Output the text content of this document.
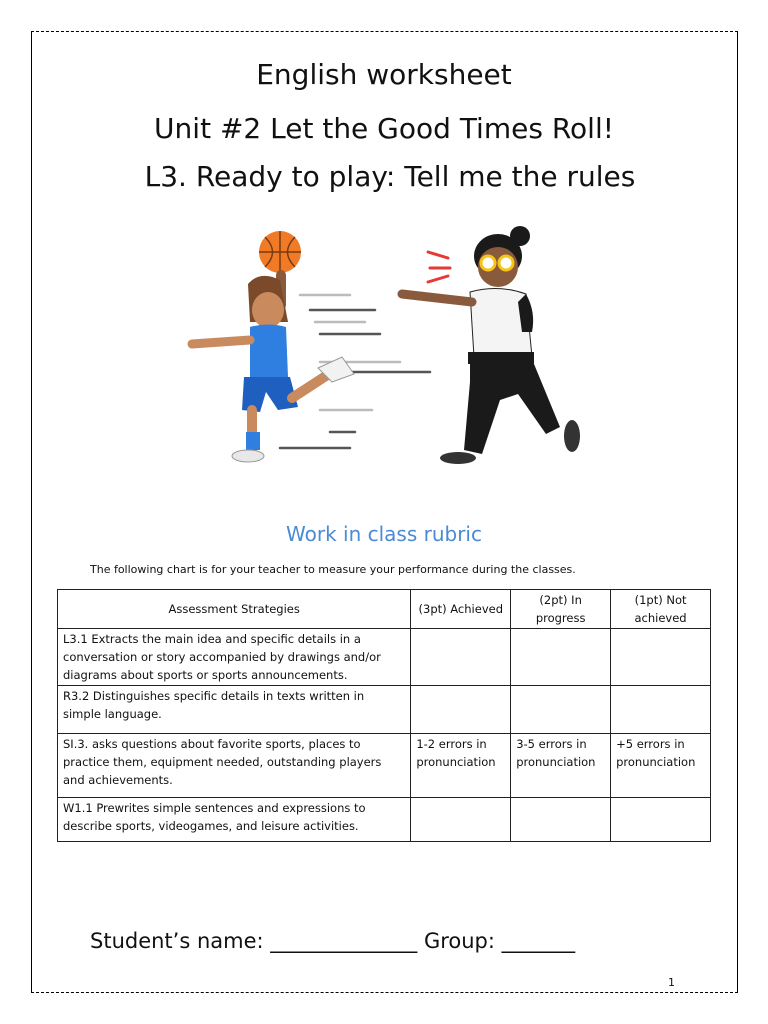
English worksheet
Unit #2 Let the Good Times Roll!
L3. Ready to play: Tell me the rules
Work in class rubric
The following chart is for your teacher to measure your performance during the classes.
Assessment Strategies	(3pt) Achieved	(2pt) In progress	(1pt) Not achieved
L3.1 Extracts the main idea and specific details in a conversation or story accompanied by drawings and/or diagrams about sports or sports announcements.			
R3.2 Distinguishes specific details in texts written in simple language.			
SI.3. asks questions about favorite sports, places to practice them, equipment needed, outstanding players and achievements.	1-2 errors in pronunciation	3-5 errors in pronunciation	+5 errors in pronunciation
W1.1 Prewrites simple sentences and expressions to describe sports, videogames, and leisure activities.			
Student’s name: ______________ Group: _______
1
